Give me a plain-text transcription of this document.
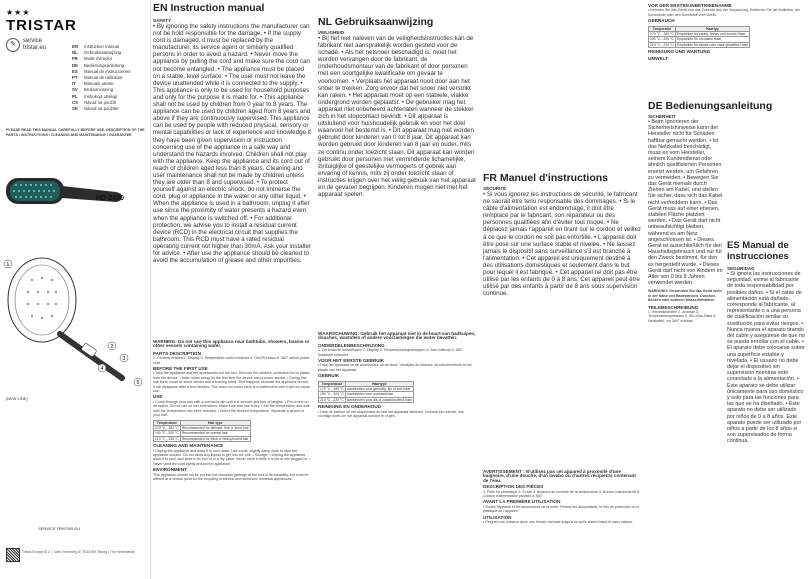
★★★
TRISTAR
✎	service
tristar.eu	EN	Instruction manual
NL	Gebruiksaanwijzing
FR	Mode d'emploi
DE	Bedienungsanleitung
ES	Manual de instrucciones
PT	Manual de utilizador
IT	Manuale utente
SV	Bruksanvisning
PL	Instrukcja obsługi
CS	Návod na použití
SK	Návod na použitie
HD-2400
1
2
3
4
5
PLEASE READ THIS MANUAL CAREFULLY BEFORE USE. DESCRIPTION OF THE PARTS / INSTRUCTIONS / CLEANING AND MAINTENANCE / GUARANTEE
[NEW LINE]
SERVICE.TRISTAR.EU
Tristar Europe B.V. | Jules Verneweg 87 5015 BH Tilburg | The Netherlands
EN Instruction manual
SAFETY
• By ignoring the safety instructions the manufacturer can not be hold responsible for the damage. • If the supply cord is damaged, it must be replaced by the manufacturer, its service agent or similarly qualified persons in order to avoid a hazard. • Never move the appliance by pulling the cord and make sure the cord can not become entangled. • The appliance must be placed on a stable, level surface. • The user must not leave the device unattended while it is connected to the supply. • This appliance is only to be used for household purposes and only for the purpose it is made for. • This appliance shall not be used by children from 0 year to 8 years. The appliance can be used by children aged from 8 years and above if they are continuously supervised. This appliance can be used by people with reduced physical, sensory or mental capabilities or lack of experience and knowledge if they have been given supervision or instruction concerning use of the appliance in a safe way and understand the hazards involved. Children shall not play with the appliance. Keep the appliance and its cord out of reach of children aged less than 8 years. Cleaning and user maintenance shall not be made by children unless they are older than 8 and supervised. • To protect yourself against an electric shock, do not immerse the cord, plug or appliance in the water or any other liquid. • When the appliance is used in a bathroom, unplug it after use since the proximity of water presents a hazard even when the appliance is switched off. • For additional protection, we advise you to install a residual current device (RCD) in the electrical circuit that supplies the bathroom. This RCD must have a rated residual operating current not higher than 30mA. Ask your installer for advice. • After use the appliance should be cleaned to avoid the accumulation of grease and other impurities.
WARNING: Do not use this appliance near bathtubs, showers, basins or other vessels containing water.
PARTS DESCRIPTION
1. Ceramic bristles 2. Display 3. Temperature control buttons 4. On/Off button 5. 360° swivel power cord
BEFORE THE FIRST USE
• Take the appliance and the accessories out the box. Remove the stickers, protective foil or plastic from the device. • Note: when using for the first time the device can produce smoke. • During first use there could be some smoke and a burning smell. This happens because the appliance is new. It will disappear after a few minutes. This does not mean there is a malfunction and it will not cause use.
USE
• Comb through your hair with a normal brush until it is smooth and free of tangles. • Put on the on-off switch. Do not use on wet extensions. Make sure that hair is dry. • Set the temperature and wait until the temperature has been reached. • Select the desired temperature. Separate a strand of your hair.
Temperature	Hair type
170 °C - 180 °C	Recommended for delicate, fine or short hair
190 °C - 200 °C	Recommended for normal hair
210 °C - 230 °C	Recommended for thick or heavy/curled hair
CLEANING AND MAINTENANCE
• Unplug the appliance and allow it to cool down. Use a soft, slightly damp cloth to wipe the appliance surface. Do not allow any liquids to get into the unit. • Storage. • Unplug the appliance, allow it to cool, and store in its box or in a dry place. Never store it while it is hot or still plugged in. • Never wind the cord tightly around the appliance.
ENVIRONMENT
This appliance should not be put into the domestic garbage at the end of its durability, but must be offered at a central point for the recycling of electric and electronic domestic appliances.
NL Gebruiksaanwijzing
VEILIGHEID
• Bij het niet naleven van de veiligheidsinstructies kan de fabrikant niet aansprakelijk worden gesteld voor de schade. • Als het netsnoer beschadigd is, moet het worden vervangen door de fabrikant, de onderhoudsmonteur van de fabrikant of door personen met een soortgelijke kwalificatie om gevaar te voorkomen. • Verplaats het apparaat nooit door aan het snoer te trekken. Zorg ervoor dat het snoer niet verstrikt kan raken. • Het apparaat moet op een stabiele, vlakke ondergrond worden geplaatst. • De gebruiker mag het apparaat niet onbeheerd achterlaten wanneer de stekker zich in het stopcontact bevindt. • Dit apparaat is uitsluitend voor huishoudelijk gebruik en voor het doel waarvoor het bestemd is. • Dit apparaat mag niet worden gebruikt door kinderen van 0 tot 8 jaar. Dit apparaat kan worden gebruikt door kinderen van 8 jaar en ouder, mits ze continu onder toezicht staan. Dit apparaat kan worden gebruikt door personen met verminderde lichamelijke, zintuiglijke of geestelijke vermogens of gebrek aan ervaring of kennis, mits zij onder toezicht staan of instructies krijgen over het veilig gebruik van het apparaat en de gevaren begrijpen. Kinderen mogen niet met het apparaat spelen.
WAARSCHUWING: Gebruik het apparaat niet in de buurt van badkuipen, douches, wastafels of andere voorzieningen die water bevatten.
ONDERDELENBESCHRIJVING
1. Keramische borstelharen 2. Display 3. Temperatuurregelknoppen 4. Aan-/uitknop 5. 360° draaibare netsnoer
VOOR HET EERSTE GEBRUIK
• Haal het apparaat en de accessoires uit de doos. Verwijder de stickers, de beschermfolie of het plastic van het apparaat.
GEBRUIK
Temperatuur	Haartype
170 °C - 180 °C	Aanbevolen voor gevoelig, fijn of kort haar
190 °C - 200 °C	Aanbevolen voor normaal haar
210 °C - 230 °C	Aanbevolen voor dik of zwaar/krullend haar
REINIGING EN ONDERHOUD
• Haal de stekker uit het stopcontact en laat het apparaat afkoelen. Gebruik een zachte, iets vochtige doek om het apparaat schoon te vegen.
FR Manuel d'instructions
SÉCURITÉ
• Si vous ignorez les instructions de sécurité, le fabricant ne saurait être tenu responsable des dommages. • Si le câble d'alimentation est endommagé, il doit être remplacé par le fabricant, son réparateur ou des personnes qualifiées afin d'éviter tout risque. • Ne déplacez jamais l'appareil en tirant sur le cordon et veillez à ce que le cordon ne soit pas entortillé. • L'appareil doit être posé sur une surface stable et nivelée. • Ne laissez jamais le dispositif sans surveillance s'il est branché à l'alimentation. • Cet appareil est uniquement destiné à des utilisations domestiques et seulement dans le but pour lequel il est fabriqué. • Cet appareil ne doit pas être utilisé par les enfants de 0 à 8 ans. Cet appareil peut être utilisé par des enfants à partir de 8 ans sous supervision continue.
AVERTISSEMENT : N'utilisez pas cet appareil à proximité d'une baignoire, d'une douche, d'un lavabo ou d'autres récipients contenant de l'eau.
DESCRIPTION DES PIÈCES
1. Poils en céramique 2. Écran 3. Boutons de contrôle de la température 4. Bouton marche/arrêt 5. Cordon d'alimentation pivotant à 360°
AVANT LA PREMIÈRE UTILISATION
• Sortez l'appareil et les accessoires de la boîte. Retirez les autocollants, le film de protection ou le plastique de l'appareil.
UTILISATION
• Peignez vos cheveux avec une brosse normale jusqu'à ce qu'ils soient lisses et sans nœuds.
VOR DER ERSTEN INBETRIEBNAHME
• Nehmen Sie das Gerät und das Zubehör aus der Verpackung. Entfernen Sie die Aufkleber, die Schutzfolie oder den Kunststoff vom Gerät.
GEBRAUCH
Temperatur	Haartyp
170 °C - 180 °C	Empfohlen für zartes, feines und kurzes Haar
190 °C - 200 °C	Empfohlen für normales Haar
210 °C - 230 °C	Empfohlen für dickes oder stark gewelltes Haar
REINIGUNG UND WARTUNG
UMWELT
DE Bedienungsanleitung
SICHERHEIT
• Beim Ignorieren der Sicherheitshinweise kann der Hersteller nicht für Schäden haftbar gemacht werden. • Ist das Netzkabel beschädigt, muss es vom Hersteller, seinem Kundendienst oder ähnlich qualifizierten Personen ersetzt werden, um Gefahren zu vermeiden. • Bewegen Sie das Gerät niemals durch Ziehen am Kabel, und stellen Sie sicher, dass sich das Kabel nicht verheddern kann. • Das Gerät muss auf einer ebenen, stabilen Fläche platziert werden. • Das Gerät darf nicht unbeaufsichtigt bleiben, während es am Netz angeschlossen ist. • Dieses Gerät ist ausschließlich für den Haushaltsgebrauch und nur für den Zweck bestimmt, für den es hergestellt wurde. • Dieses Gerät darf nicht von Kindern im Alter von 0 bis 8 Jahren verwendet werden.
WARNUNG: Verwenden Sie das Gerät nicht in der Nähe von Badewannen, Duschen, Becken oder anderen Wasserbehältern.
TEILEBESCHREIBUNG
1. Keramikborsten 2. Anzeige 3. Temperaturregeltasten 4. Ein-/Aus-Taste 5. Netzkabel, um 360° drehbar
ES Manual de instrucciones
SEGURIDAD
• Si ignora las instrucciones de seguridad, exime al fabricante de toda responsabilidad por posibles daños. • Si el cable de alimentación está dañado, corresponde al fabricante, al representante o a una persona de cualificación similar su sustitución para evitar riesgos. • Nunca mueva el aparato tirando del cable y asegúrese de que no se pueda enrollar con el cable. • El aparato debe colocarse sobre una superficie estable y nivelada. • El usuario no debe dejar el dispositivo sin supervisión mientras esté conectado a la alimentación. • Este aparato se debe utilizar únicamente para uso doméstico y solo para las funciones para las que se ha diseñado. • Este aparato no debe ser utilizado por niños de 0 a 8 años. Este aparato puede ser utilizado por niños a partir de los 8 años si son supervisados de forma continua.
